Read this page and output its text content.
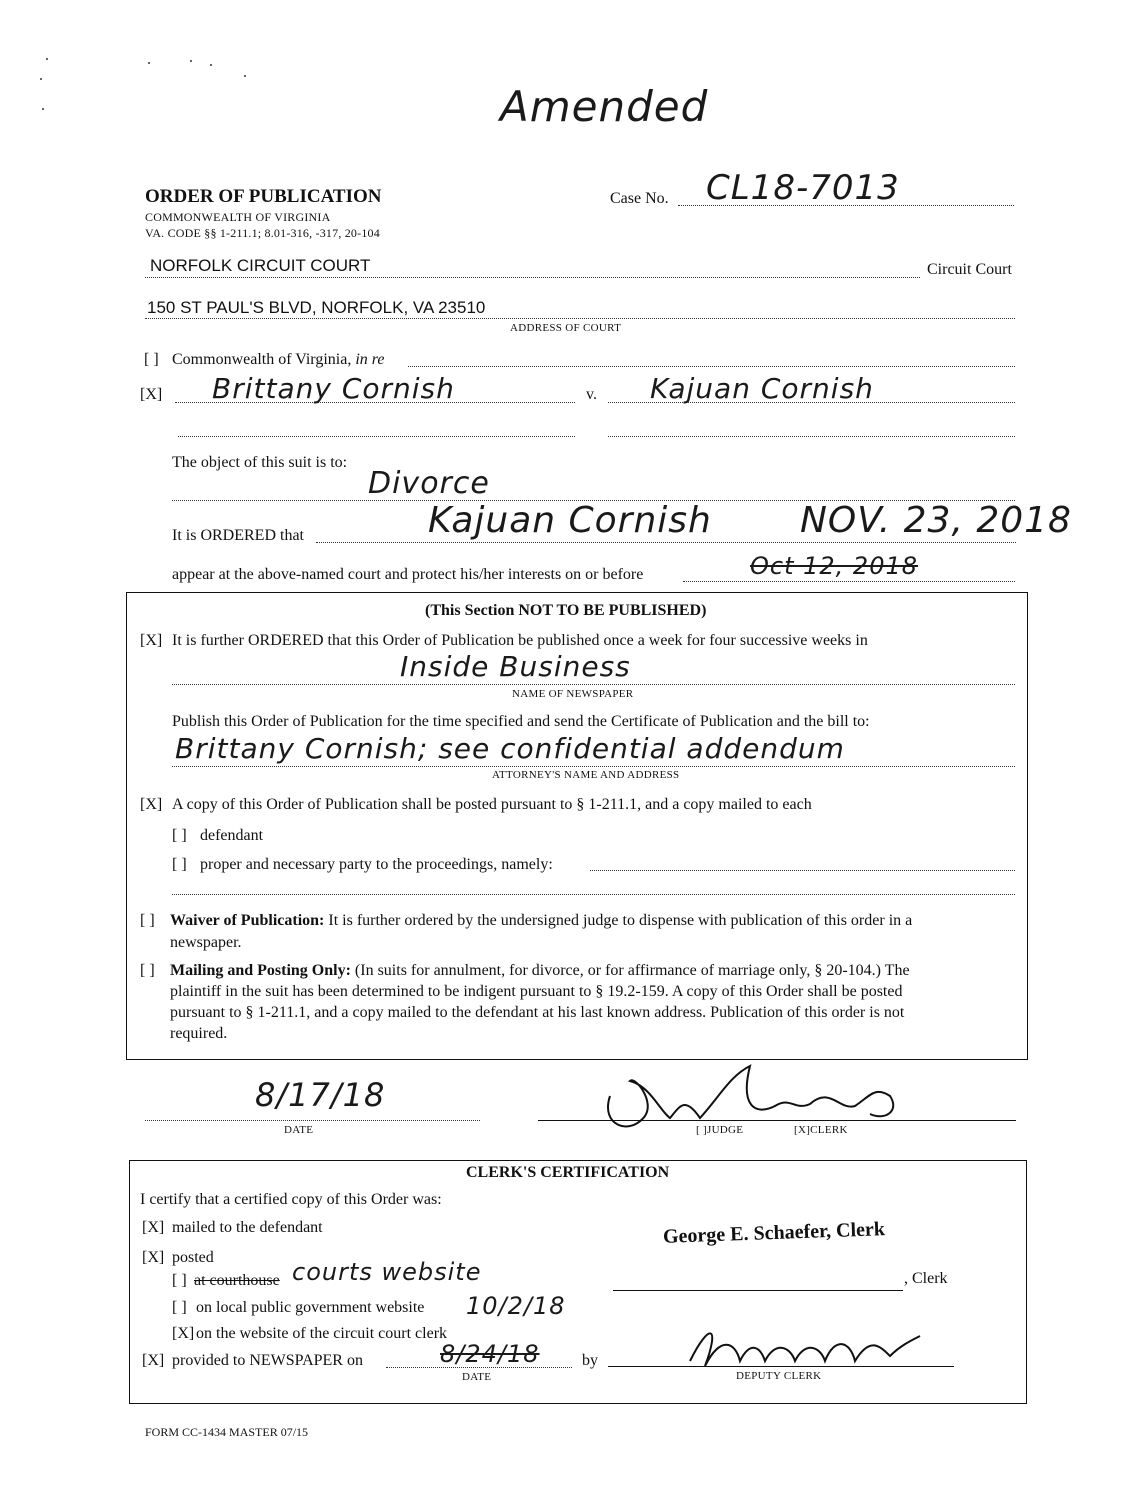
Amended
ORDER OF PUBLICATION
COMMONWEALTH OF VIRGINIA
VA. CODE §§ 1-211.1; 8.01-316, -317, 20-104
Case No. CL18-7013
NORFOLK CIRCUIT COURT	Circuit Court
150 ST PAUL'S BLVD, NORFOLK, VA 23510
ADDRESS OF COURT
[ ] Commonwealth of Virginia, in re
[X] Brittany Cornish	v. Kajuan Cornish
The object of this suit is to:
Divorce
It is ORDERED that	Kajuan Cornish NOV. 23, 2018
appear at the above-named court and protect his/her interests on or before	Oct 12, 2018
(This Section NOT TO BE PUBLISHED)
[X] It is further ORDERED that this Order of Publication be published once a week for four successive weeks in
Inside Business
NAME OF NEWSPAPER
Publish this Order of Publication for the time specified and send the Certificate of Publication and the bill to:
Brittany Cornish; see confidential addendum
ATTORNEY'S NAME AND ADDRESS
[X] A copy of this Order of Publication shall be posted pursuant to § 1-211.1, and a copy mailed to each
[ ] defendant
[ ] proper and necessary party to the proceedings, namely:
[ ] Waiver of Publication: It is further ordered by the undersigned judge to dispense with publication of this order in a
newspaper.
[ ] Mailing and Posting Only: (In suits for annulment, for divorce, or for affirmance of marriage only, § 20-104.) The
plaintiff in the suit has been determined to be indigent pursuant to § 19.2-159. A copy of this Order shall be posted
pursuant to § 1-211.1, and a copy mailed to the defendant at his last known address. Publication of this order is not
required.
8/17/18
DATE	[ ]JUDGE	[X]CLERK
CLERK'S CERTIFICATION
I certify that a certified copy of this Order was:
[X] mailed to the defendant
[X] posted
[ ] at courthouse courts website
[ ] on local public government website 10/2/18
[X] on the website of the circuit court clerk
[X] provided to NEWSPAPER on	8/24/18
DATE
by
George E. Schaefer, Clerk
, Clerk
DEPUTY CLERK
FORM CC-1434 MASTER 07/15
